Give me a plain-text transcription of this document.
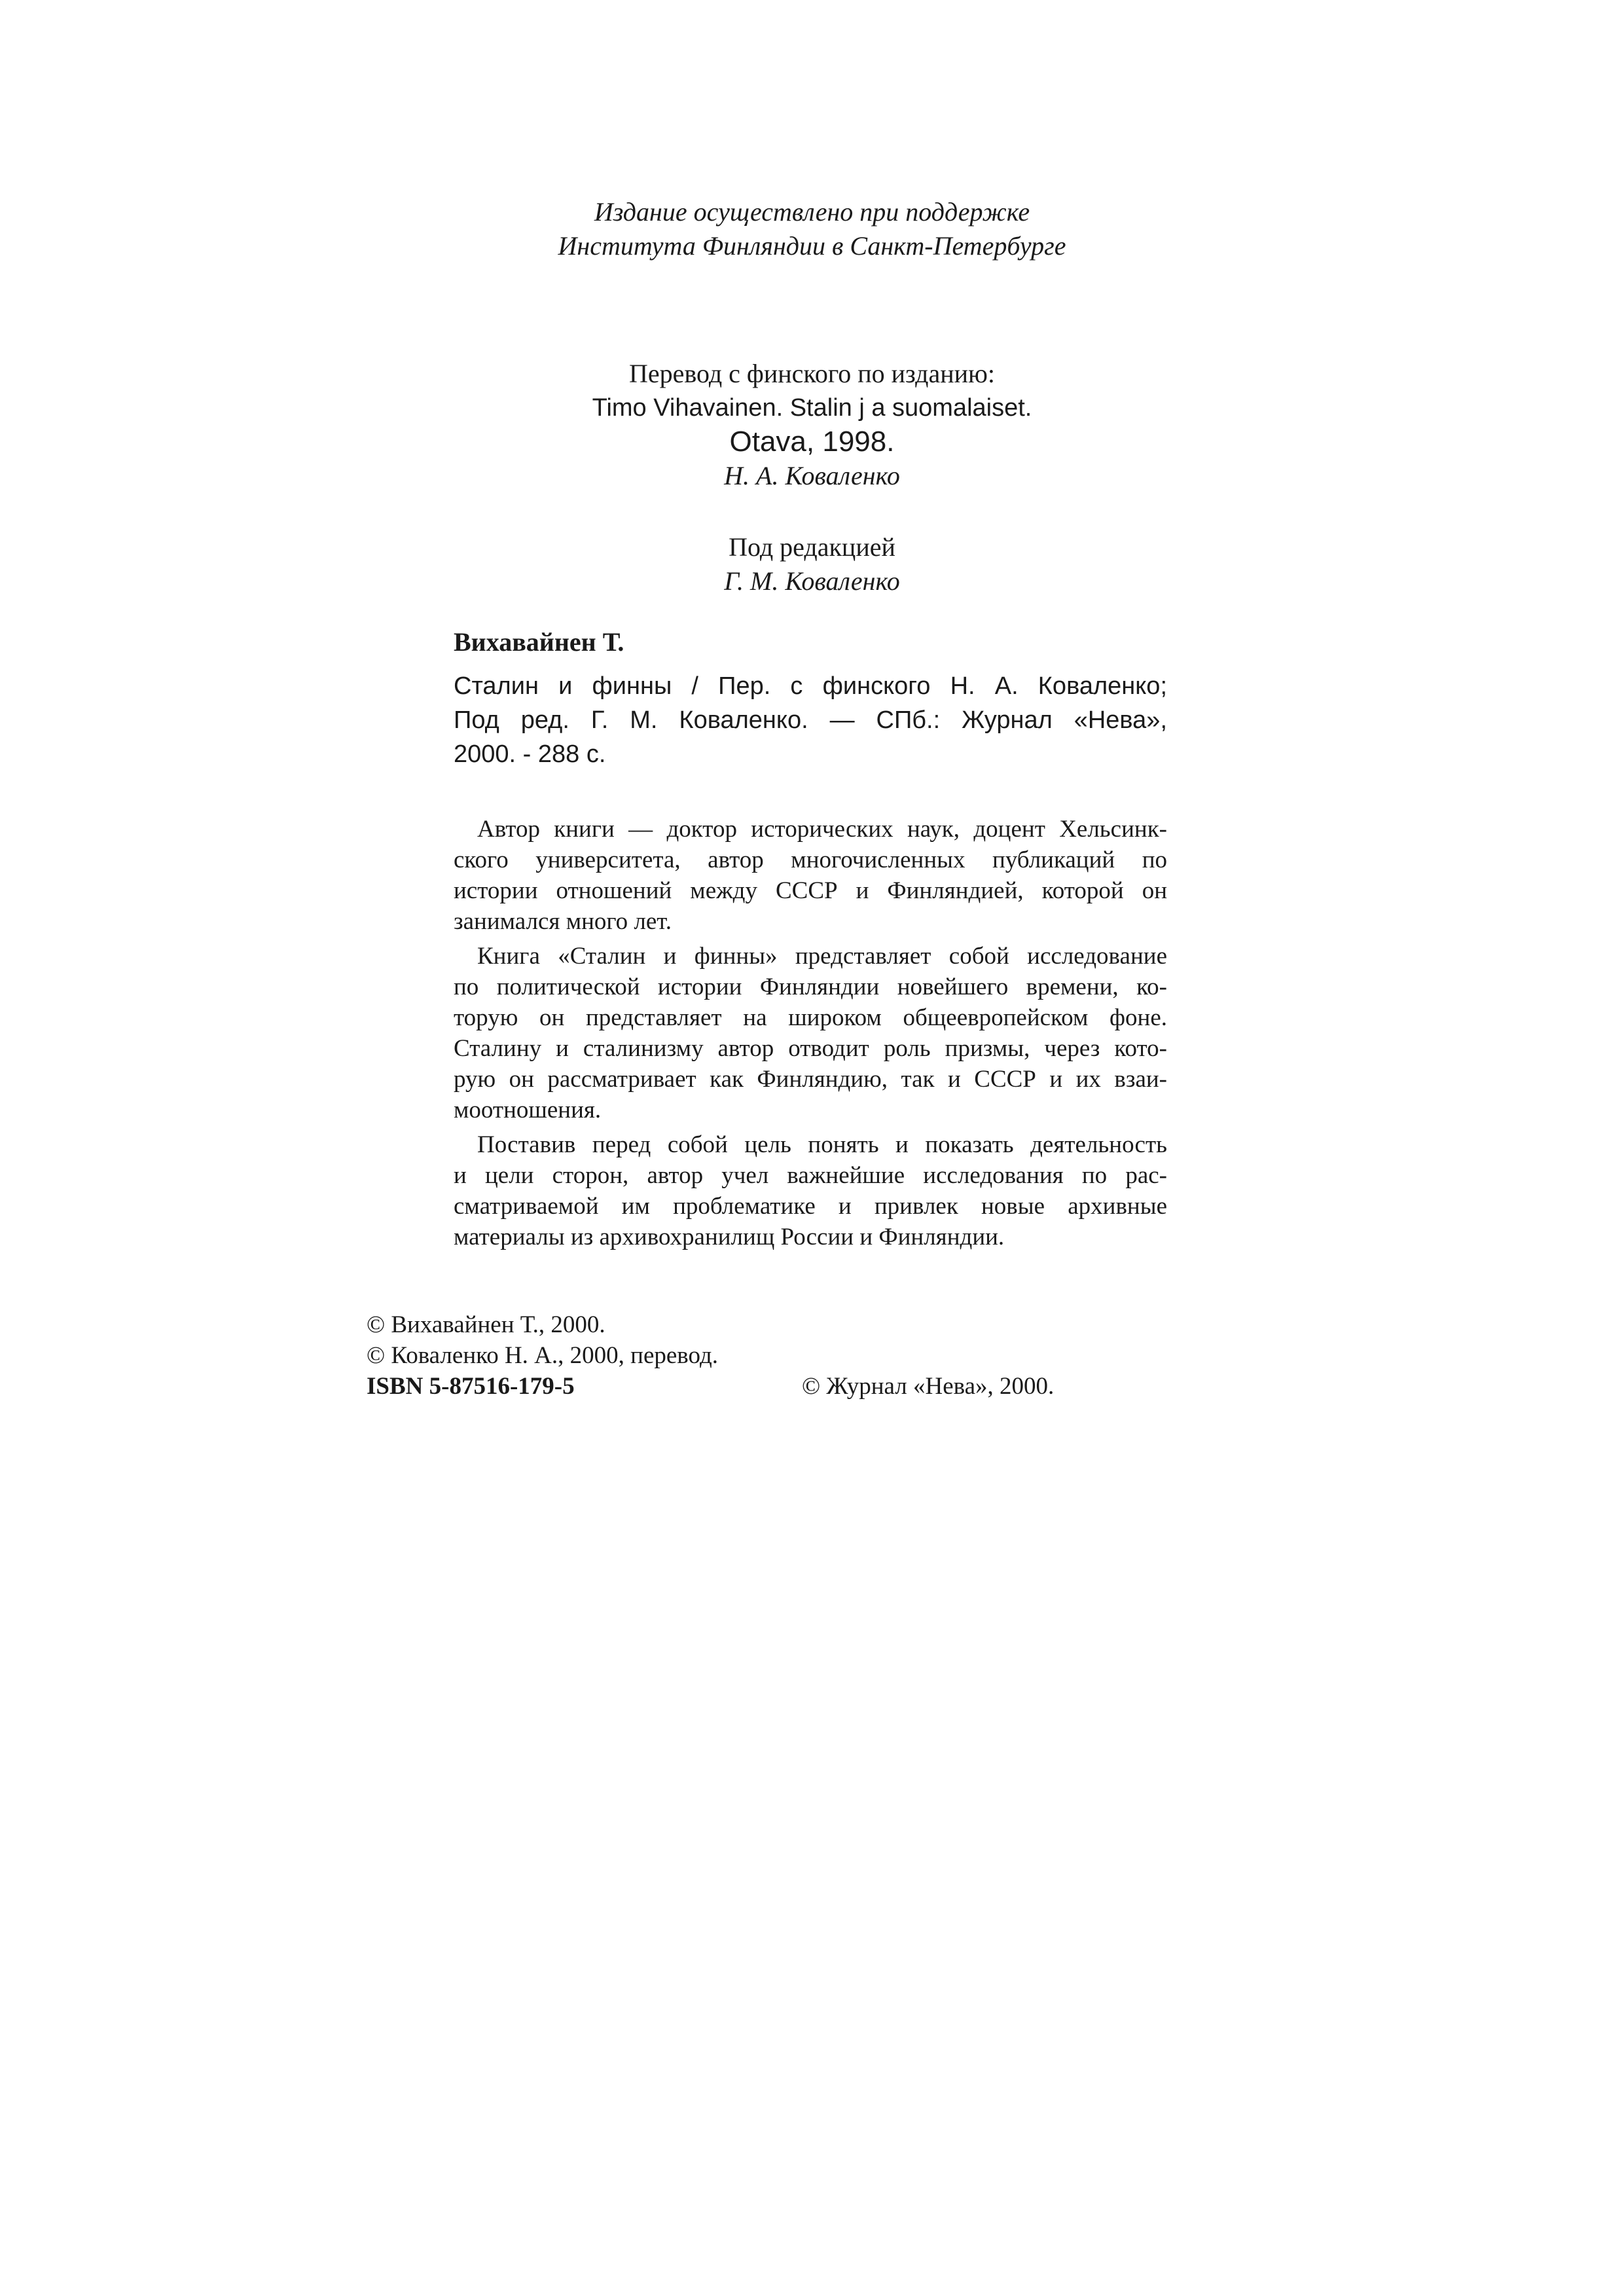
Издание осуществлено при поддержке
Института Финляндии в Санкт-Петербурге
Перевод с финского по изданию:
Timo Vihavainen. Stalin j a suomalaiset.
Otava, 1998.
Н. А. Коваленко
Под редакцией
Г. М. Коваленко
Вихавайнен Т.
Сталин и финны / Пер. с финского Н. А. Коваленко;
Под ред. Г. М. Коваленко. — СПб.: Журнал «Нева»,
2000. - 288 с.
Автор книги — доктор исторических наук, доцент Хельсинк-
ского университета, автор многочисленных публикаций по
истории отношений между СССР и Финляндией, которой он
занимался много лет.
Книга «Сталин и финны» представляет собой исследование
по политической истории Финляндии новейшего времени, ко-
торую он представляет на широком общеевропейском фоне.
Сталину и сталинизму автор отводит роль призмы, через кото-
рую он рассматривает как Финляндию, так и СССР и их взаи-
моотношения.
Поставив перед собой цель понять и показать деятельность
и цели сторон, автор учел важнейшие исследования по рас-
сматриваемой им проблематике и привлек новые архивные
материалы из архивохранилищ России и Финляндии.
© Вихавайнен Т., 2000.
© Коваленко Н. А., 2000, перевод.
ISBN 5-87516-179-5	© Журнал «Нева», 2000.
